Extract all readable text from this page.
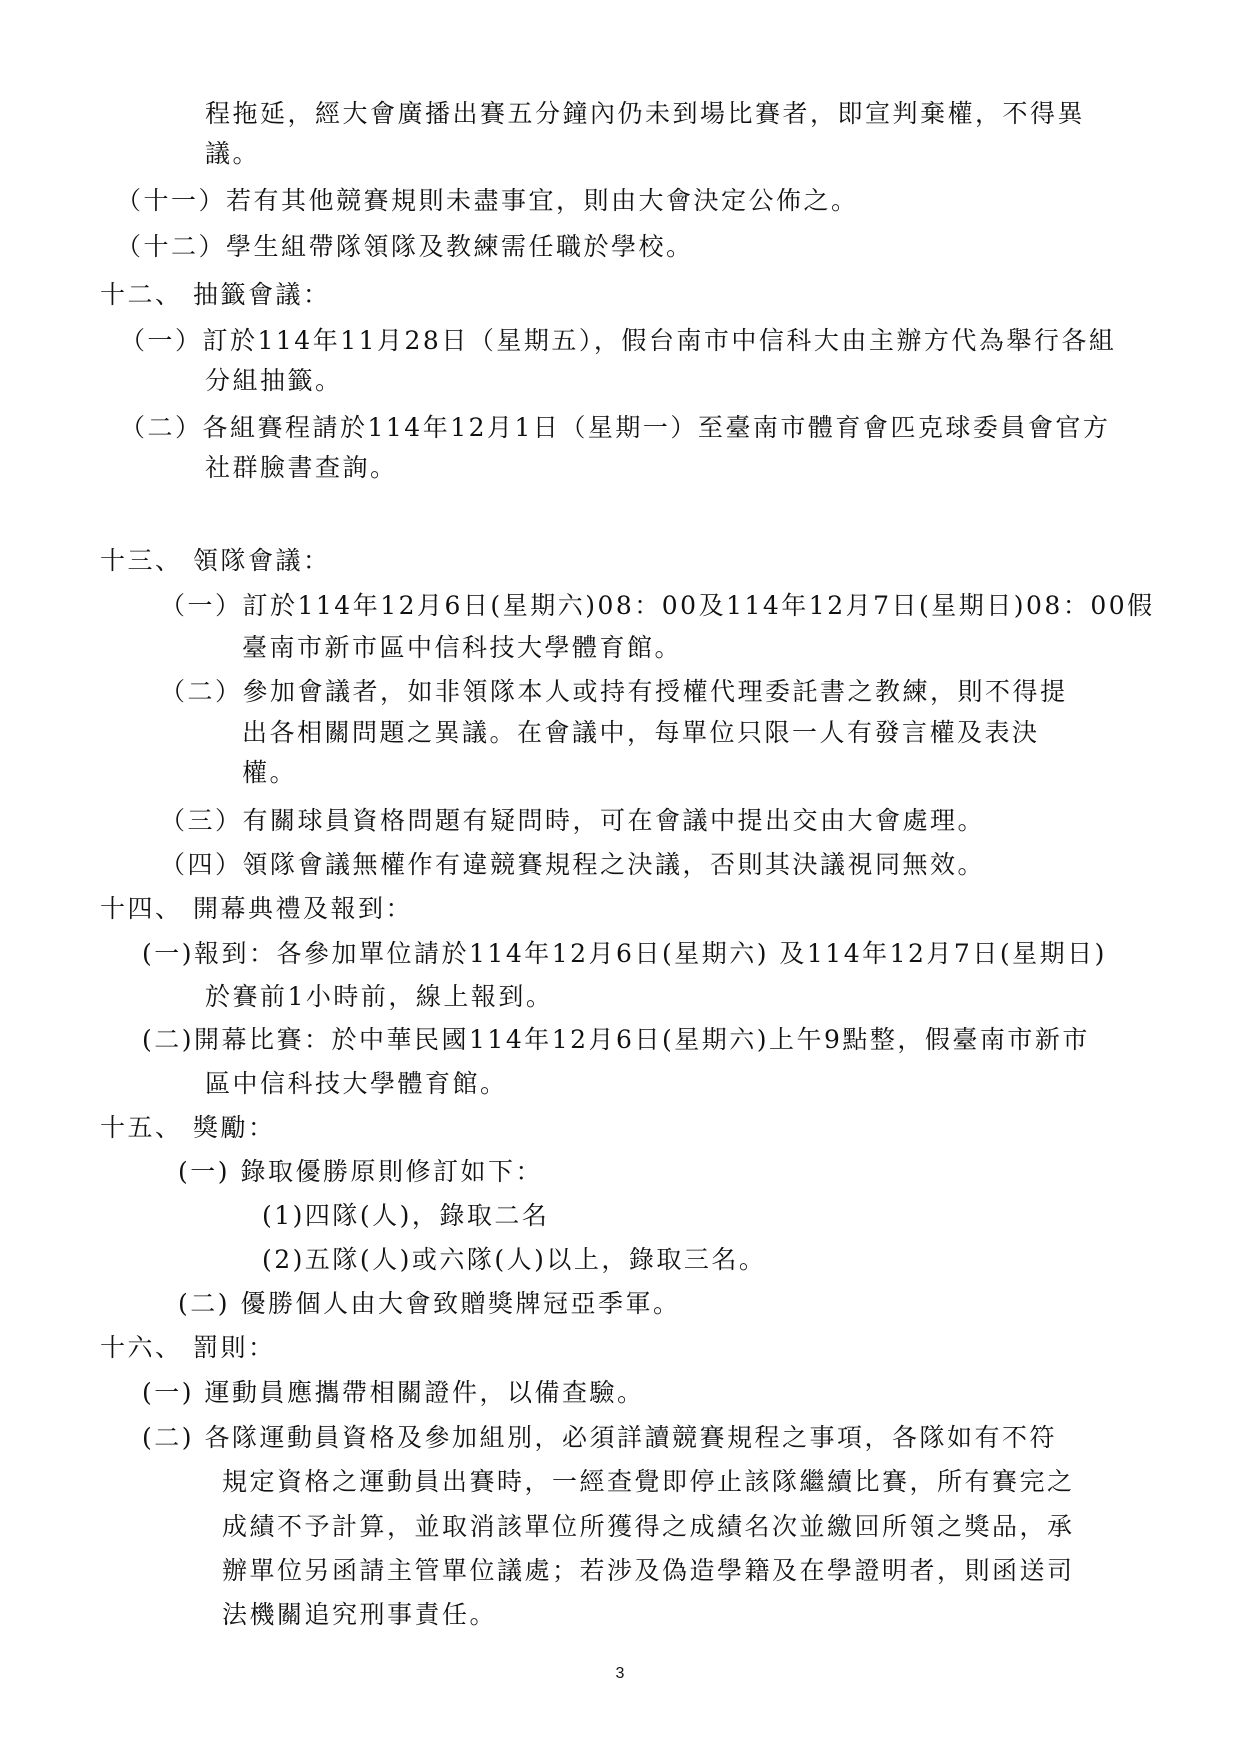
程拖延，經大會廣播出賽五分鐘內仍未到場比賽者，即宣判棄權，不得異
議。
（十一）若有其他競賽規則未盡事宜，則由大會決定公佈之。
（十二）學生組帶隊領隊及教練需任職於學校。
十二、 抽籤會議：
（一）訂於114年11月28日（星期五），假台南市中信科大由主辦方代為舉行各組
分組抽籤。
（二）各組賽程請於114年12月1日（星期一）至臺南市體育會匹克球委員會官方
社群臉書查詢。
十三、 領隊會議：
（一）訂於114年12月6日(星期六)08：00及114年12月7日(星期日)08：00假
臺南市新市區中信科技大學體育館。
（二）參加會議者，如非領隊本人或持有授權代理委託書之教練，則不得提
出各相關問題之異議。在會議中，每單位只限一人有發言權及表決
權。
（三）有關球員資格問題有疑問時，可在會議中提出交由大會處理。
（四）領隊會議無權作有違競賽規程之決議，否則其決議視同無效。
十四、 開幕典禮及報到：
(一)報到：各參加單位請於114年12月6日(星期六) 及114年12月7日(星期日)
於賽前1小時前，線上報到。
(二)開幕比賽：於中華民國114年12月6日(星期六)上午9點整，假臺南市新市
區中信科技大學體育館。
十五、 獎勵：
(一) 錄取優勝原則修訂如下：
(1)四隊(人)，錄取二名
(2)五隊(人)或六隊(人)以上，錄取三名。
(二) 優勝個人由大會致贈獎牌冠亞季軍。
十六、 罰則：
(一) 運動員應攜帶相關證件，以備查驗。
(二) 各隊運動員資格及參加組別，必須詳讀競賽規程之事項，各隊如有不符
規定資格之運動員出賽時，一經查覺即停止該隊繼續比賽，所有賽完之
成績不予計算，並取消該單位所獲得之成績名次並繳回所領之獎品，承
辦單位另函請主管單位議處；若涉及偽造學籍及在學證明者，則函送司
法機關追究刑事責任。
3
